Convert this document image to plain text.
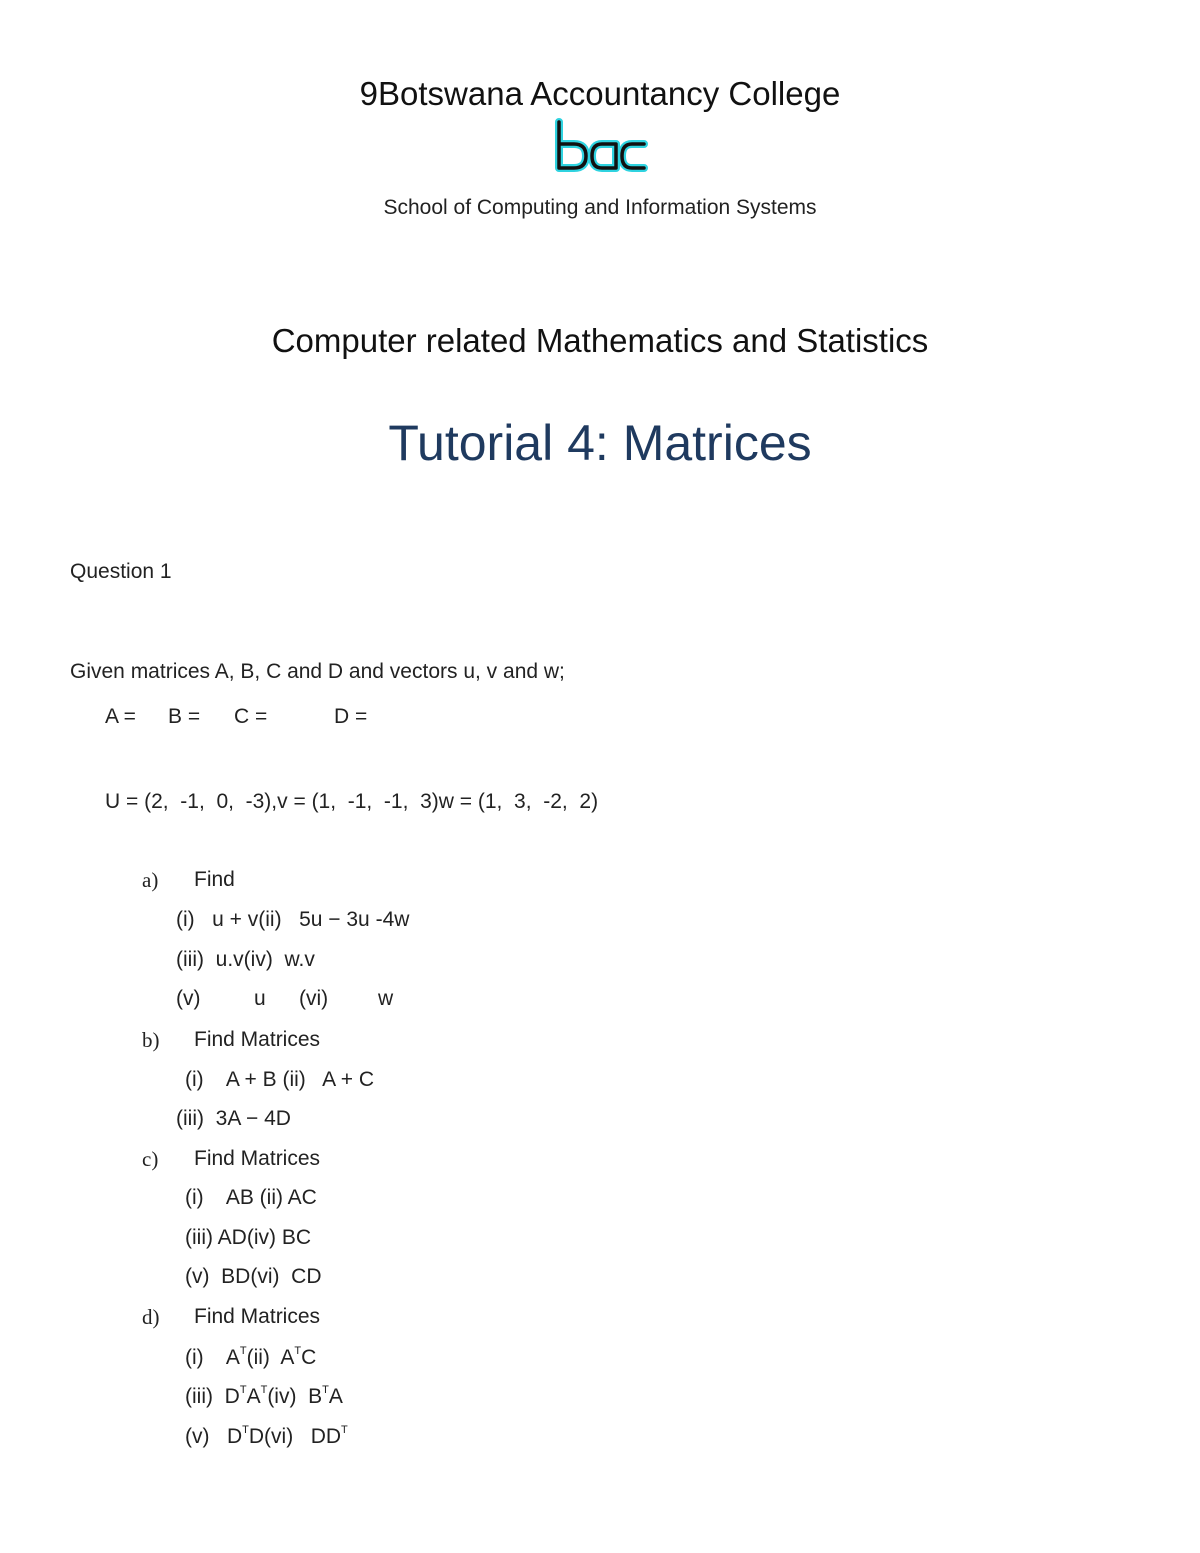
9Botswana Accountancy College
School of Computing and Information Systems
Computer related Mathematics and Statistics
Tutorial 4: Matrices
Question 1
Given matrices A, B, C and D and vectors u, v and w;
A = B = C =	D =
U = (2,  -1,  0,  -3),v = (1,  -1,  -1,  3)w = (1,  3,  -2,  2)
a) Find
(i)   u + v(ii)   5u − 3u -4w
(iii)  u.v(iv)  w.v
(v)	u (vi) w
b) Find Matrices
(i)    A + B (ii)   A + C
(iii)  3A − 4D
c) Find Matrices
(i)    AB (ii) AC
(iii) AD(iv) BC
(v)  BD(vi)  CD
d) Find Matrices
(i)    $A^T(ii)$  $A^TC$
(iii)  $D^TA^T(iv)$  $B^TA$
(v)   $D^TD(vi)$   $DD^T$
